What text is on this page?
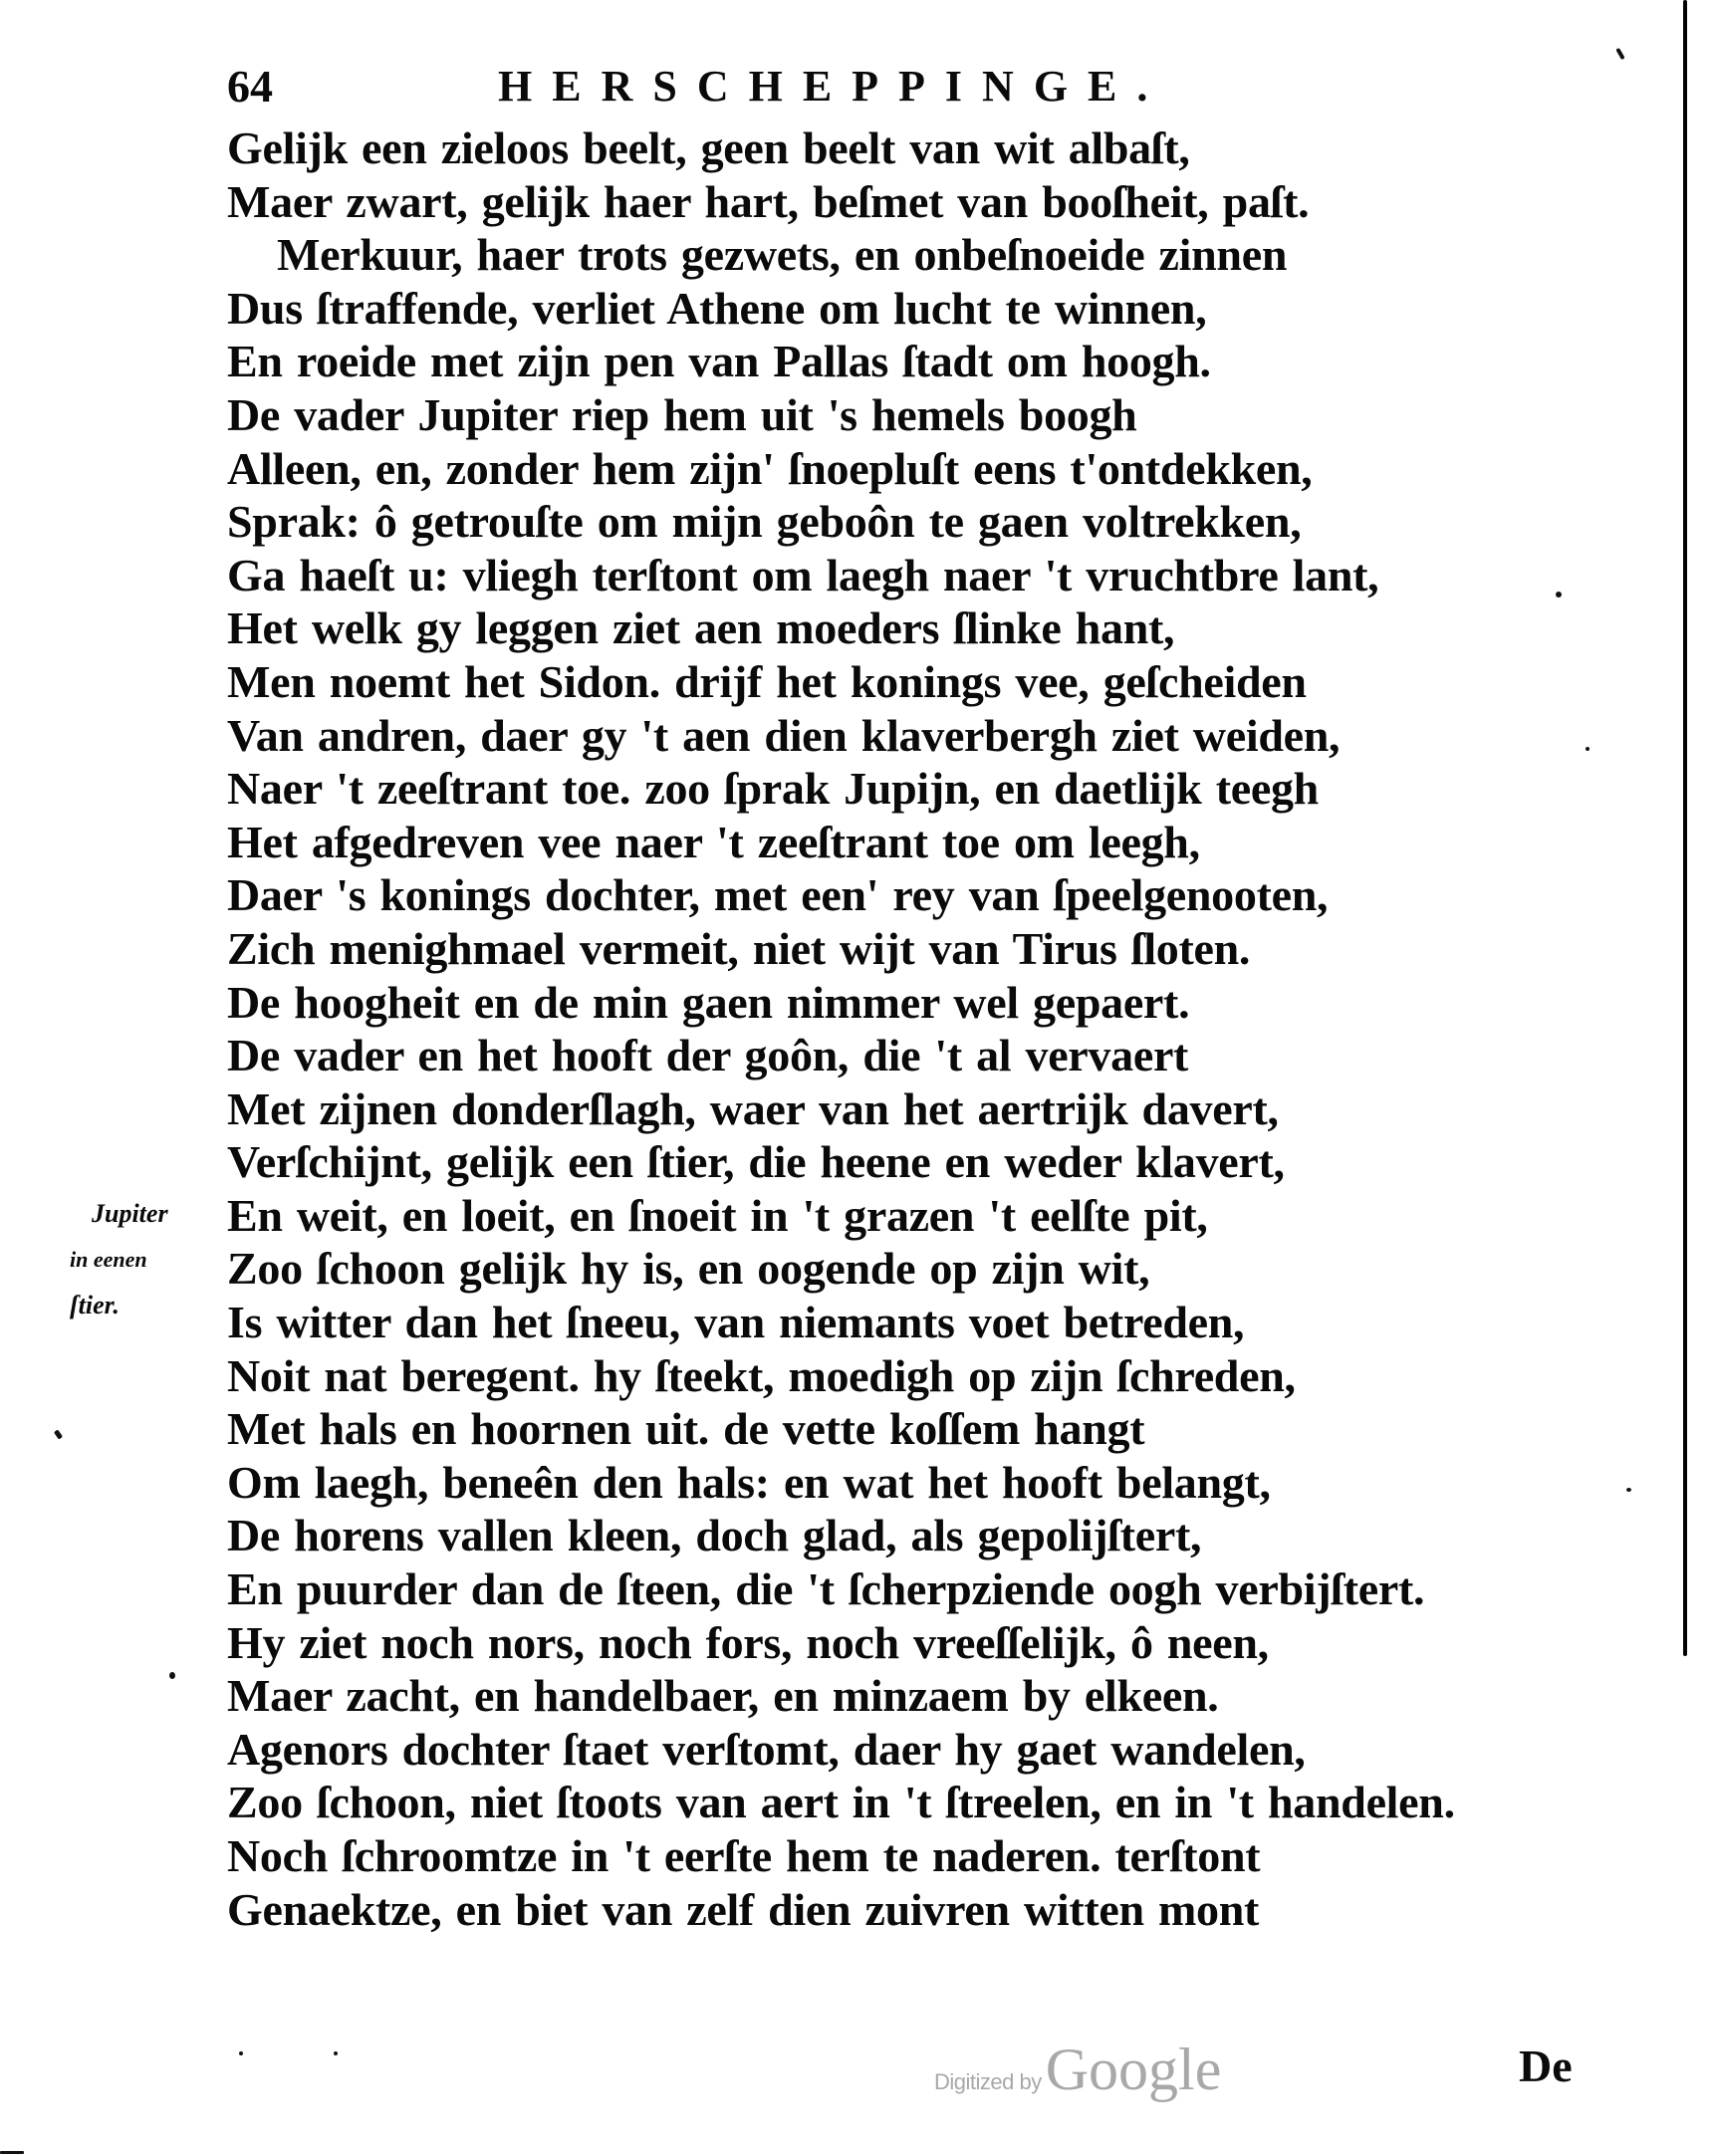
64	HERSCHEPPINGE.
Gelijk een zieloos beelt, geen beelt van wit albaſt,
Maer zwart, gelijk haer hart, beſmet van booſheit, paſt.
Merkuur, haer trots gezwets, en onbeſnoeide zinnen
Dus ſtraffende, verliet Athene om lucht te winnen,
En roeide met zijn pen van Pallas ſtadt om hoogh.
De vader Jupiter riep hem uit 's hemels boogh
Alleen, en, zonder hem zijn' ſnoepluſt eens t'ontdekken,
Sprak: ô getrouſte om mijn geboôn te gaen voltrekken,
Ga haeſt u: vliegh terſtont om laegh naer 't vruchtbre lant,
Het welk gy leggen ziet aen moeders ſlinke hant,
Men noemt het Sidon. drijf het konings vee, geſcheiden
Van andren, daer gy 't aen dien klaverbergh ziet weiden,
Naer 't zeeſtrant toe. zoo ſprak Jupijn, en daetlijk teegh
Het afgedreven vee naer 't zeeſtrant toe om leegh,
Daer 's konings dochter, met een' rey van ſpeelgenooten,
Zich menighmael vermeit, niet wijt van Tirus ſloten.
De hoogheit en de min gaen nimmer wel gepaert.
De vader en het hooft der goôn, die 't al vervaert
Met zijnen donderſlagh, waer van het aertrijk davert,
Verſchijnt, gelijk een ſtier, die heene en weder klavert,
En weit, en loeit, en ſnoeit in 't grazen 't eelſte pit,
Zoo ſchoon gelijk hy is, en oogende op zijn wit,
Is witter dan het ſneeu, van niemants voet betreden,
Noit nat beregent. hy ſteekt, moedigh op zijn ſchreden,
Met hals en hoornen uit. de vette koſſem hangt
Om laegh, beneên den hals: en wat het hooft belangt,
De horens vallen kleen, doch glad, als gepolijſtert,
En puurder dan de ſteen, die 't ſcherpziende oogh verbijſtert.
Hy ziet noch nors, noch fors, noch vreeſſelijk, ô neen,
Maer zacht, en handelbaer, en minzaem by elkeen.
Agenors dochter ſtaet verſtomt, daer hy gaet wandelen,
Zoo ſchoon, niet ſtoots van aert in 't ſtreelen, en in 't handelen.
Noch ſchroomtze in 't eerſte hem te naderen. terſtont
Genaektze, en biet van zelf dien zuivren witten mont
Jupiter
in eenen
ſtier.
Digitized byGoogle	De
